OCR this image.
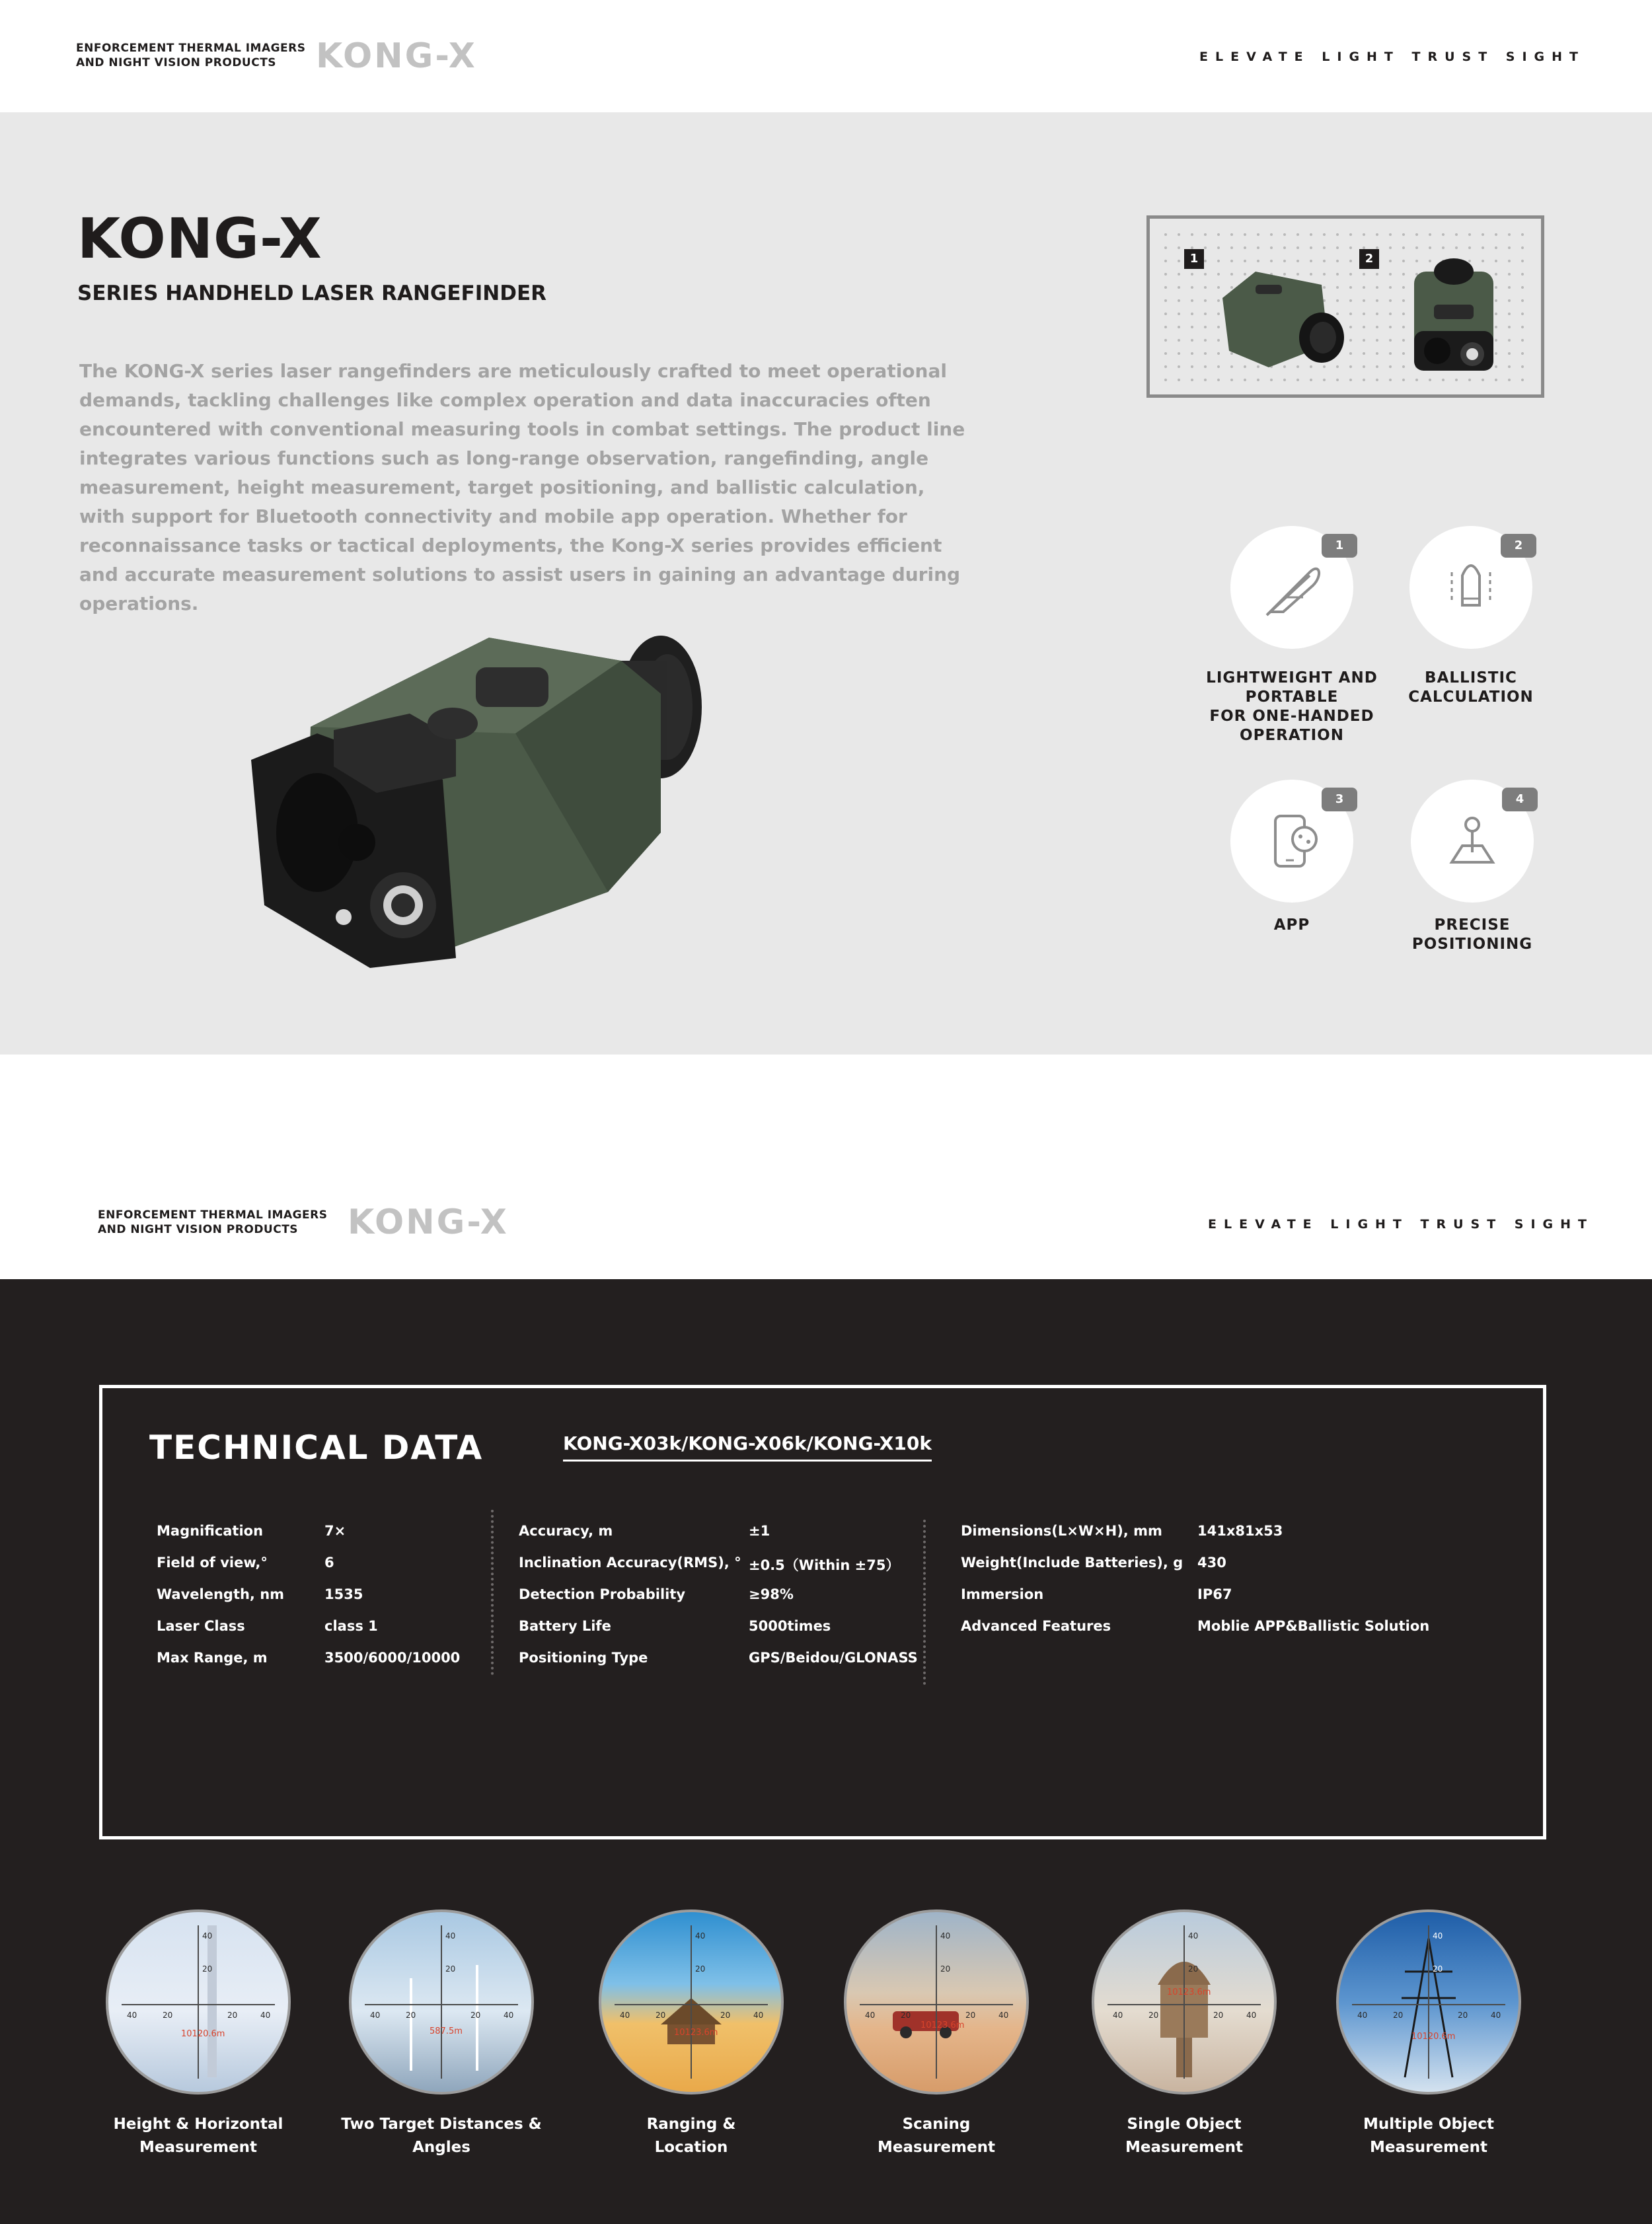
ENFORCEMENT THERMAL IMAGERS
AND NIGHT VISION PRODUCTS	KONG-X	ELEVATE LIGHT TRUST SIGHT
KONG-X
SERIES HANDHELD LASER RANGEFINDER
The KONG-X series laser rangefinders are meticulously crafted to meet operational demands, tackling challenges like complex operation and data inaccuracies often encountered with conventional measuring tools in combat settings. The product line integrates various functions such as long-range observation, rangefinding, angle measurement, height measurement, target positioning, and ballistic calculation, with support for Bluetooth connectivity and mobile app operation. Whether for reconnaissance tasks or tactical deployments, the Kong-X series provides efficient and accurate measurement solutions to assist users in gaining an advantage during operations.
1	2
1
LIGHTWEIGHT AND
PORTABLE
FOR ONE-HANDED
OPERATION
2
BALLISTIC
CALCULATION
3
APP
4
PRECISE
POSITIONING
ENFORCEMENT THERMAL IMAGERS
AND NIGHT VISION PRODUCTS	KONG-X	ELEVATE LIGHT TRUST SIGHT
TECHNICAL DATA	KONG-X03k/KONG-X06k/KONG-X10k
Magnification	7×
Field of view,°	6
Wavelength, nm	1535
Laser Class	class 1
Max Range, m	3500/6000/10000
Accuracy, m	±1
Inclination Accuracy(RMS), ° ±0.5（Within ±75）
Detection Probability	≥98%
Battery Life	5000times
Positioning Type	GPS/Beidou/GLONASS
Dimensions(L×W×H), mm	141x81x53
Weight(Include Batteries), g 430
Immersion	IP67
Advanced Features	Moblie APP&Ballistic Solution
40	20
40
20
20	40
10120.6m
Height & Horizontal
Measurement
40	20
40
20
20	40
587.5m
Two Target Distances &
Angles
40	20
40
20
20	40
10123.6m
Ranging &
Location
40	20
40
20
20	40
10123.6m
Scaning
Measurement
40	20
40
20
20	40
10123.6m
Single Object
Measurement
40	20
40
20
20	40
10120.6m
Multiple Object
Measurement
